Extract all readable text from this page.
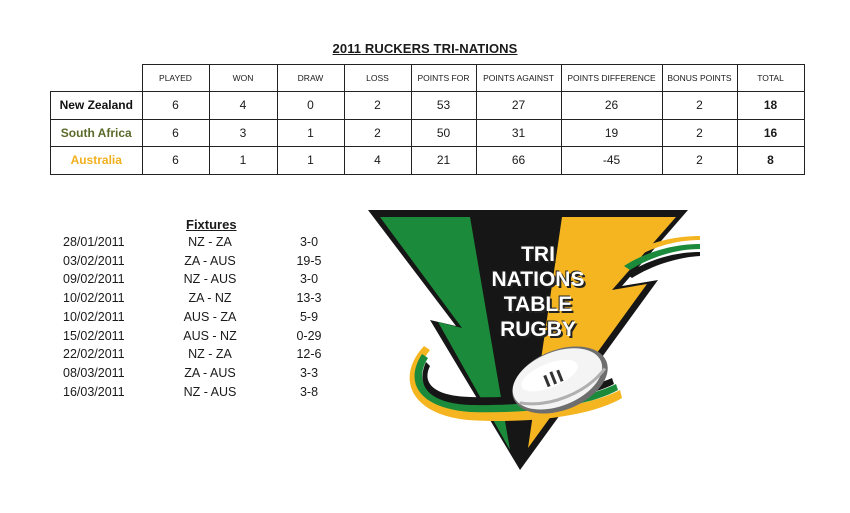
2011 RUCKERS TRI-NATIONS
	PLAYED	WON	DRAW	LOSS	POINTS FOR	POINTS AGAINST	POINTS DIFFERENCE	BONUS POINTS	TOTAL
New Zealand	6	4	0	2	53	27	26	2	18
South Africa	6	3	1	2	50	31	19	2	16
Australia	6	1	1	4	21	66	-45	2	8
Fixtures
28/01/2011	NZ - ZA	3-0
03/02/2011	ZA - AUS	19-5
09/02/2011	NZ - AUS	3-0
10/02/2011	ZA - NZ	13-3
10/02/2011	AUS - ZA	5-9
15/02/2011	AUS - NZ	0-29
22/02/2011	NZ - ZA	12-6
08/03/2011	ZA - AUS	3-3
16/03/2011	NZ - AUS	3-8
TRI
NATIONS
TABLE
RUGBY
